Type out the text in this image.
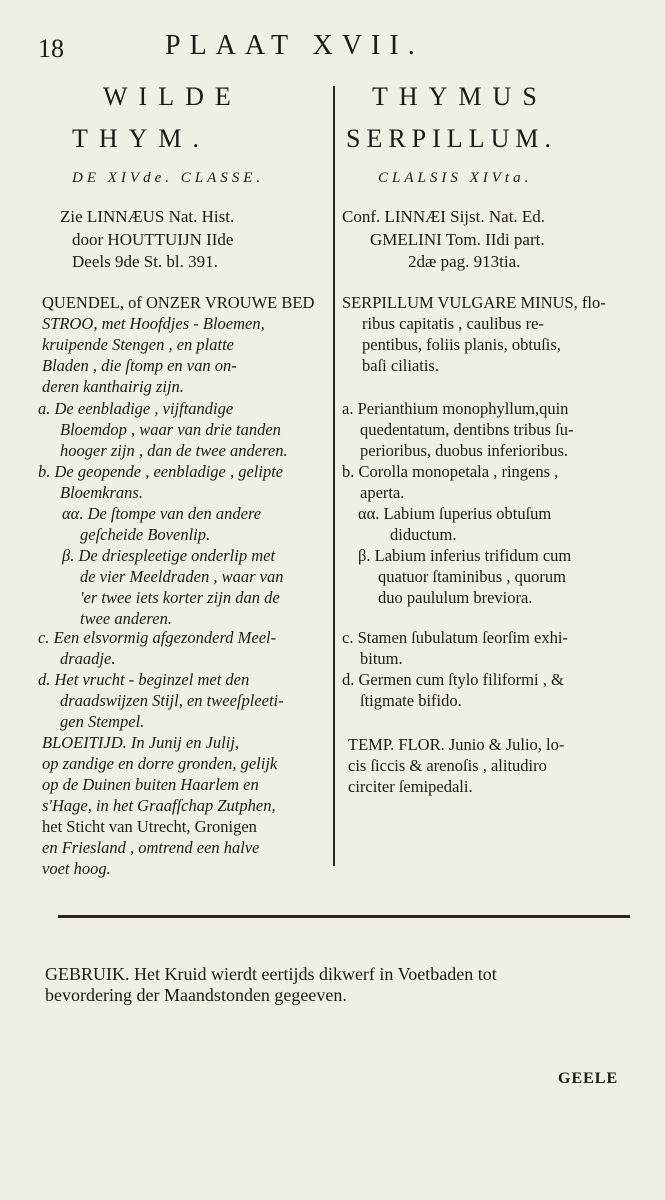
18	PLAAT XVII.
WILDE
THYM.
DE XIVde. CLASSE.
Zie LINNÆUS Nat. Hist.
door HOUTTUIJN IIde
Deels 9de St. bl. 391.
THYMUS
SERPILLUM.
CLALSIS XIVta.
Conf. LINNÆI Sijst. Nat. Ed.
GMELINI Tom. IIdi part.
2dæ pag. 913tia.
QUENDEL, of ONZER VROUWE BED
STROO, met Hoofdjes - Bloemen,
kruipende Stengen , en platte
Bladen , die ſtomp en van on-
deren kanthairig zijn.
a. De eenbladige , vijftandige
Bloemdop , waar van drie tanden
hooger zijn , dan de twee anderen.
b. De geopende , eenbladige , gelipte
Bloemkrans.
αα. De ſtompe van den andere
geſcheide Bovenlip.
β. De driespleetige onderlip met
de vier Meeldraden , waar van
'er twee iets korter zijn dan de
twee anderen.
c. Een elsvormig afgezonderd Meel-
draadje.
d. Het vrucht - beginzel met den
draadswijzen Stijl, en tweeſpleeti-
gen Stempel.
BLOEITIJD. In Junij en Julij,
op zandige en dorre gronden, gelijk
op de Duinen buiten Haarlem en
s'Hage, in het Graafſchap Zutphen,
het Sticht van Utrecht, Gronigen
en Friesland , omtrend een halve
voet hoog.
SERPILLUM VULGARE MINUS, flo-
ribus capitatis , caulibus re-
pentibus, foliis planis, obtuſis,
baſi ciliatis.
a. Perianthium monophyllum,quin
quedentatum, dentibns tribus ſu-
perioribus, duobus inferioribus.
b. Corolla monopetala , ringens ,
aperta.
αα. Labium ſuperius obtuſum
diductum.
β. Labium inferius trifidum cum
quatuor ſtaminibus , quorum
duo paululum breviora.
c. Stamen ſubulatum ſeorſim exhi-
bitum.
d. Germen cum ſtylo filiformi , &
ſtigmate bifido.
TEMP. FLOR. Junio & Julio, lo-
cis ſiccis & arenoſis , alitudiro
circiter ſemipedali.
GEBRUIK. Het Kruid wierdt eertijds dikwerf in Voetbaden tot
bevordering der Maandstonden gegeeven.
GEELE
